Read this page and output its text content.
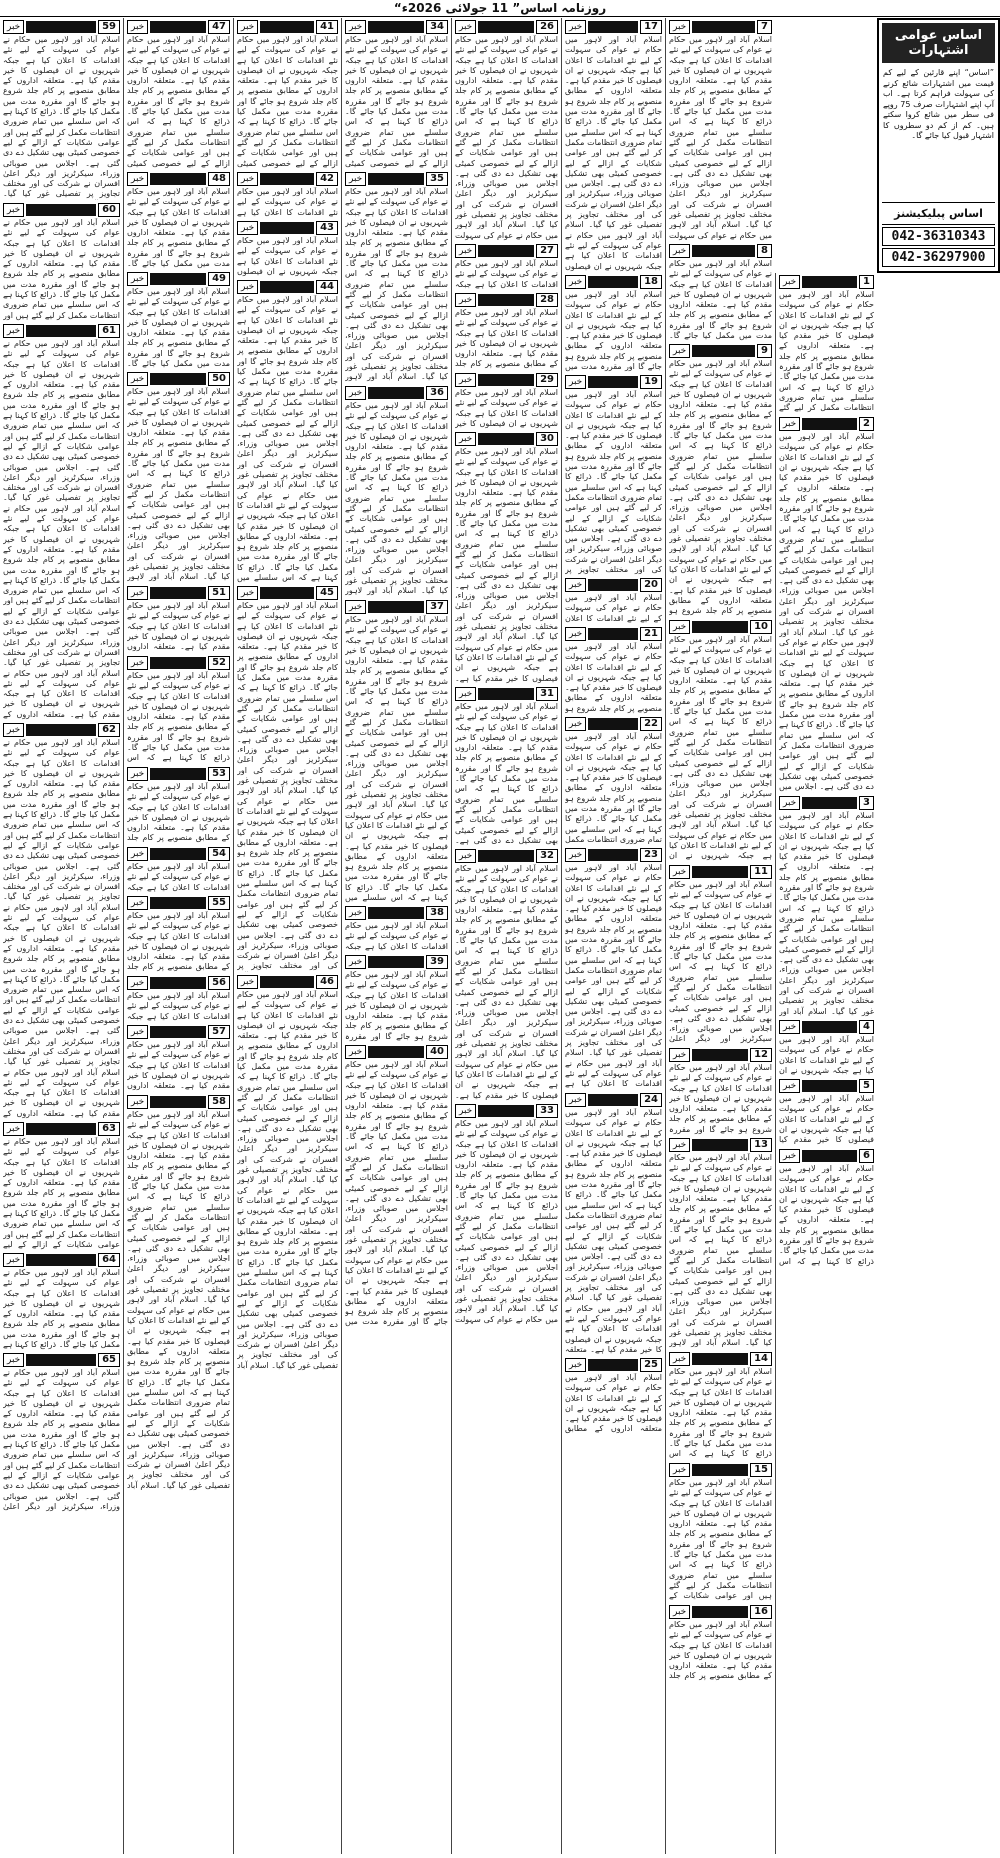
“روزنامہ اساس” 11 جولائی 2026ء
اساس عوامی اشتہارات
”اساس“ اپنے قارئین کے لیے کم قیمت میں اشتہارات شائع کرنے کی سہولت فراہم کرتا ہے۔ اب آپ اپنے اشتہارات صرف 75 روپے فی سطر میں شائع کروا سکتے ہیں۔ کم از کم دو سطروں کا اشتہار قبول کیا جائے گا۔
اساس پبلیکیشنز
042-36310343
042-36297900
خبر	59
اسلام آباد اور لاہور میں حکام نے عوام کی سہولت کے لیے نئے اقدامات کا اعلان کیا ہے جبکہ شہریوں نے ان فیصلوں کا خیر مقدم کیا ہے۔ متعلقہ اداروں کے مطابق منصوبے پر کام جلد شروع ہو جائے گا اور مقررہ مدت میں مکمل کیا جائے گا۔ ذرائع کا کہنا ہے کہ اس سلسلے میں تمام ضروری انتظامات مکمل کر لیے گئے ہیں اور عوامی شکایات کے ازالے کے لیے خصوصی کمیٹی بھی تشکیل دے دی گئی ہے۔ اجلاس میں صوبائی وزراء، سیکرٹریز اور دیگر اعلیٰ افسران نے شرکت کی اور مختلف تجاویز پر تفصیلی غور کیا گیا۔
خبر	60
اسلام آباد اور لاہور میں حکام نے عوام کی سہولت کے لیے نئے اقدامات کا اعلان کیا ہے جبکہ شہریوں نے ان فیصلوں کا خیر مقدم کیا ہے۔ متعلقہ اداروں کے مطابق منصوبے پر کام جلد شروع ہو جائے گا اور مقررہ مدت میں مکمل کیا جائے گا۔ ذرائع کا کہنا ہے کہ اس سلسلے میں تمام ضروری انتظامات مکمل کر لیے گئے ہیں اور
خبر	61
اسلام آباد اور لاہور میں حکام نے عوام کی سہولت کے لیے نئے اقدامات کا اعلان کیا ہے جبکہ شہریوں نے ان فیصلوں کا خیر مقدم کیا ہے۔ متعلقہ اداروں کے مطابق منصوبے پر کام جلد شروع ہو جائے گا اور مقررہ مدت میں مکمل کیا جائے گا۔ ذرائع کا کہنا ہے کہ اس سلسلے میں تمام ضروری انتظامات مکمل کر لیے گئے ہیں اور عوامی شکایات کے ازالے کے لیے خصوصی کمیٹی بھی تشکیل دے دی گئی ہے۔ اجلاس میں صوبائی وزراء، سیکرٹریز اور دیگر اعلیٰ افسران نے شرکت کی اور مختلف تجاویز پر تفصیلی غور کیا گیا۔ اسلام آباد اور لاہور میں حکام نے عوام کی سہولت کے لیے نئے اقدامات کا اعلان کیا ہے جبکہ شہریوں نے ان فیصلوں کا خیر مقدم کیا ہے۔ متعلقہ اداروں کے مطابق منصوبے پر کام جلد شروع ہو جائے گا اور مقررہ مدت میں مکمل کیا جائے گا۔ ذرائع کا کہنا ہے کہ اس سلسلے میں تمام ضروری انتظامات مکمل کر لیے گئے ہیں اور عوامی شکایات کے ازالے کے لیے خصوصی کمیٹی بھی تشکیل دے دی گئی ہے۔ اجلاس میں صوبائی وزراء، سیکرٹریز اور دیگر اعلیٰ افسران نے شرکت کی اور مختلف تجاویز پر تفصیلی غور کیا گیا۔ اسلام آباد اور لاہور میں حکام نے عوام کی سہولت کے لیے نئے اقدامات کا اعلان کیا ہے جبکہ شہریوں نے ان فیصلوں کا خیر مقدم کیا ہے۔ متعلقہ اداروں کے
خبر	62
اسلام آباد اور لاہور میں حکام نے عوام کی سہولت کے لیے نئے اقدامات کا اعلان کیا ہے جبکہ شہریوں نے ان فیصلوں کا خیر مقدم کیا ہے۔ متعلقہ اداروں کے مطابق منصوبے پر کام جلد شروع ہو جائے گا اور مقررہ مدت میں مکمل کیا جائے گا۔ ذرائع کا کہنا ہے کہ اس سلسلے میں تمام ضروری انتظامات مکمل کر لیے گئے ہیں اور عوامی شکایات کے ازالے کے لیے خصوصی کمیٹی بھی تشکیل دے دی گئی ہے۔ اجلاس میں صوبائی وزراء، سیکرٹریز اور دیگر اعلیٰ افسران نے شرکت کی اور مختلف تجاویز پر تفصیلی غور کیا گیا۔ اسلام آباد اور لاہور میں حکام نے عوام کی سہولت کے لیے نئے اقدامات کا اعلان کیا ہے جبکہ شہریوں نے ان فیصلوں کا خیر مقدم کیا ہے۔ متعلقہ اداروں کے مطابق منصوبے پر کام جلد شروع ہو جائے گا اور مقررہ مدت میں مکمل کیا جائے گا۔ ذرائع کا کہنا ہے کہ اس سلسلے میں تمام ضروری انتظامات مکمل کر لیے گئے ہیں اور عوامی شکایات کے ازالے کے لیے خصوصی کمیٹی بھی تشکیل دے دی گئی ہے۔ اجلاس میں صوبائی وزراء، سیکرٹریز اور دیگر اعلیٰ افسران نے شرکت کی اور مختلف تجاویز پر تفصیلی غور کیا گیا۔ اسلام آباد اور لاہور میں حکام نے عوام کی سہولت کے لیے نئے اقدامات کا اعلان کیا ہے جبکہ شہریوں نے ان فیصلوں کا خیر مقدم کیا ہے۔ متعلقہ اداروں کے
خبر	63
اسلام آباد اور لاہور میں حکام نے عوام کی سہولت کے لیے نئے اقدامات کا اعلان کیا ہے جبکہ شہریوں نے ان فیصلوں کا خیر مقدم کیا ہے۔ متعلقہ اداروں کے مطابق منصوبے پر کام جلد شروع ہو جائے گا اور مقررہ مدت میں مکمل کیا جائے گا۔ ذرائع کا کہنا ہے کہ اس سلسلے میں تمام ضروری انتظامات مکمل کر لیے گئے ہیں اور عوامی شکایات کے ازالے کے لیے
خبر	64
اسلام آباد اور لاہور میں حکام نے عوام کی سہولت کے لیے نئے اقدامات کا اعلان کیا ہے جبکہ شہریوں نے ان فیصلوں کا خیر مقدم کیا ہے۔ متعلقہ اداروں کے مطابق منصوبے پر کام جلد شروع ہو جائے گا اور مقررہ مدت میں مکمل کیا جائے گا۔ ذرائع کا کہنا ہے
خبر	65
اسلام آباد اور لاہور میں حکام نے عوام کی سہولت کے لیے نئے اقدامات کا اعلان کیا ہے جبکہ شہریوں نے ان فیصلوں کا خیر مقدم کیا ہے۔ متعلقہ اداروں کے مطابق منصوبے پر کام جلد شروع ہو جائے گا اور مقررہ مدت میں مکمل کیا جائے گا۔ ذرائع کا کہنا ہے کہ اس سلسلے میں تمام ضروری انتظامات مکمل کر لیے گئے ہیں اور عوامی شکایات کے ازالے کے لیے خصوصی کمیٹی بھی تشکیل دے دی گئی ہے۔ اجلاس میں صوبائی وزراء، سیکرٹریز اور دیگر اعلیٰ
خبر	47
اسلام آباد اور لاہور میں حکام نے عوام کی سہولت کے لیے نئے اقدامات کا اعلان کیا ہے جبکہ شہریوں نے ان فیصلوں کا خیر مقدم کیا ہے۔ متعلقہ اداروں کے مطابق منصوبے پر کام جلد شروع ہو جائے گا اور مقررہ مدت میں مکمل کیا جائے گا۔ ذرائع کا کہنا ہے کہ اس سلسلے میں تمام ضروری انتظامات مکمل کر لیے گئے ہیں اور عوامی شکایات کے ازالے کے لیے خصوصی کمیٹی
خبر	48
اسلام آباد اور لاہور میں حکام نے عوام کی سہولت کے لیے نئے اقدامات کا اعلان کیا ہے جبکہ شہریوں نے ان فیصلوں کا خیر مقدم کیا ہے۔ متعلقہ اداروں کے مطابق منصوبے پر کام جلد شروع ہو جائے گا اور مقررہ مدت میں مکمل کیا جائے گا۔
خبر	49
اسلام آباد اور لاہور میں حکام نے عوام کی سہولت کے لیے نئے اقدامات کا اعلان کیا ہے جبکہ شہریوں نے ان فیصلوں کا خیر مقدم کیا ہے۔ متعلقہ اداروں کے مطابق منصوبے پر کام جلد شروع ہو جائے گا اور مقررہ مدت میں مکمل کیا جائے گا۔
خبر	50
اسلام آباد اور لاہور میں حکام نے عوام کی سہولت کے لیے نئے اقدامات کا اعلان کیا ہے جبکہ شہریوں نے ان فیصلوں کا خیر مقدم کیا ہے۔ متعلقہ اداروں کے مطابق منصوبے پر کام جلد شروع ہو جائے گا اور مقررہ مدت میں مکمل کیا جائے گا۔ ذرائع کا کہنا ہے کہ اس سلسلے میں تمام ضروری انتظامات مکمل کر لیے گئے ہیں اور عوامی شکایات کے ازالے کے لیے خصوصی کمیٹی بھی تشکیل دے دی گئی ہے۔ اجلاس میں صوبائی وزراء، سیکرٹریز اور دیگر اعلیٰ افسران نے شرکت کی اور مختلف تجاویز پر تفصیلی غور کیا گیا۔ اسلام آباد اور لاہور
خبر	51
اسلام آباد اور لاہور میں حکام نے عوام کی سہولت کے لیے نئے اقدامات کا اعلان کیا ہے جبکہ شہریوں نے ان فیصلوں کا خیر مقدم کیا ہے۔ متعلقہ اداروں
خبر	52
اسلام آباد اور لاہور میں حکام نے عوام کی سہولت کے لیے نئے اقدامات کا اعلان کیا ہے جبکہ شہریوں نے ان فیصلوں کا خیر مقدم کیا ہے۔ متعلقہ اداروں کے مطابق منصوبے پر کام جلد شروع ہو جائے گا اور مقررہ مدت میں مکمل کیا جائے گا۔ ذرائع کا کہنا ہے کہ اس
خبر	53
اسلام آباد اور لاہور میں حکام نے عوام کی سہولت کے لیے نئے اقدامات کا اعلان کیا ہے جبکہ شہریوں نے ان فیصلوں کا خیر مقدم کیا ہے۔ متعلقہ اداروں کے مطابق منصوبے پر کام جلد
خبر	54
اسلام آباد اور لاہور میں حکام نے عوام کی سہولت کے لیے نئے اقدامات کا اعلان کیا ہے جبکہ
خبر	55
اسلام آباد اور لاہور میں حکام نے عوام کی سہولت کے لیے نئے اقدامات کا اعلان کیا ہے جبکہ شہریوں نے ان فیصلوں کا خیر مقدم کیا ہے۔ متعلقہ اداروں کے مطابق منصوبے پر کام جلد
خبر	56
اسلام آباد اور لاہور میں حکام نے عوام کی سہولت کے لیے نئے اقدامات کا اعلان کیا ہے جبکہ
خبر	57
اسلام آباد اور لاہور میں حکام نے عوام کی سہولت کے لیے نئے اقدامات کا اعلان کیا ہے جبکہ شہریوں نے ان فیصلوں کا خیر مقدم کیا ہے۔ متعلقہ اداروں
خبر	58
اسلام آباد اور لاہور میں حکام نے عوام کی سہولت کے لیے نئے اقدامات کا اعلان کیا ہے جبکہ شہریوں نے ان فیصلوں کا خیر مقدم کیا ہے۔ متعلقہ اداروں کے مطابق منصوبے پر کام جلد شروع ہو جائے گا اور مقررہ مدت میں مکمل کیا جائے گا۔ ذرائع کا کہنا ہے کہ اس سلسلے میں تمام ضروری انتظامات مکمل کر لیے گئے ہیں اور عوامی شکایات کے ازالے کے لیے خصوصی کمیٹی بھی تشکیل دے دی گئی ہے۔ اجلاس میں صوبائی وزراء، سیکرٹریز اور دیگر اعلیٰ افسران نے شرکت کی اور مختلف تجاویز پر تفصیلی غور کیا گیا۔ اسلام آباد اور لاہور میں حکام نے عوام کی سہولت کے لیے نئے اقدامات کا اعلان کیا ہے جبکہ شہریوں نے ان فیصلوں کا خیر مقدم کیا ہے۔ متعلقہ اداروں کے مطابق منصوبے پر کام جلد شروع ہو جائے گا اور مقررہ مدت میں مکمل کیا جائے گا۔ ذرائع کا کہنا ہے کہ اس سلسلے میں تمام ضروری انتظامات مکمل کر لیے گئے ہیں اور عوامی شکایات کے ازالے کے لیے خصوصی کمیٹی بھی تشکیل دے دی گئی ہے۔ اجلاس میں صوبائی وزراء، سیکرٹریز اور دیگر اعلیٰ افسران نے شرکت کی اور مختلف تجاویز پر تفصیلی غور کیا گیا۔ اسلام آباد
خبر	41
اسلام آباد اور لاہور میں حکام نے عوام کی سہولت کے لیے نئے اقدامات کا اعلان کیا ہے جبکہ شہریوں نے ان فیصلوں کا خیر مقدم کیا ہے۔ متعلقہ اداروں کے مطابق منصوبے پر کام جلد شروع ہو جائے گا اور مقررہ مدت میں مکمل کیا جائے گا۔ ذرائع کا کہنا ہے کہ اس سلسلے میں تمام ضروری انتظامات مکمل کر لیے گئے ہیں اور عوامی شکایات کے ازالے کے لیے خصوصی کمیٹی
خبر	42
اسلام آباد اور لاہور میں حکام نے عوام کی سہولت کے لیے نئے اقدامات کا اعلان کیا ہے
خبر	43
اسلام آباد اور لاہور میں حکام نے عوام کی سہولت کے لیے نئے اقدامات کا اعلان کیا ہے جبکہ شہریوں نے ان فیصلوں
خبر	44
اسلام آباد اور لاہور میں حکام نے عوام کی سہولت کے لیے نئے اقدامات کا اعلان کیا ہے جبکہ شہریوں نے ان فیصلوں کا خیر مقدم کیا ہے۔ متعلقہ اداروں کے مطابق منصوبے پر کام جلد شروع ہو جائے گا اور مقررہ مدت میں مکمل کیا جائے گا۔ ذرائع کا کہنا ہے کہ اس سلسلے میں تمام ضروری انتظامات مکمل کر لیے گئے ہیں اور عوامی شکایات کے ازالے کے لیے خصوصی کمیٹی بھی تشکیل دے دی گئی ہے۔ اجلاس میں صوبائی وزراء، سیکرٹریز اور دیگر اعلیٰ افسران نے شرکت کی اور مختلف تجاویز پر تفصیلی غور کیا گیا۔ اسلام آباد اور لاہور میں حکام نے عوام کی سہولت کے لیے نئے اقدامات کا اعلان کیا ہے جبکہ شہریوں نے ان فیصلوں کا خیر مقدم کیا ہے۔ متعلقہ اداروں کے مطابق منصوبے پر کام جلد شروع ہو جائے گا اور مقررہ مدت میں مکمل کیا جائے گا۔ ذرائع کا کہنا ہے کہ اس سلسلے میں
خبر	45
اسلام آباد اور لاہور میں حکام نے عوام کی سہولت کے لیے نئے اقدامات کا اعلان کیا ہے جبکہ شہریوں نے ان فیصلوں کا خیر مقدم کیا ہے۔ متعلقہ اداروں کے مطابق منصوبے پر کام جلد شروع ہو جائے گا اور مقررہ مدت میں مکمل کیا جائے گا۔ ذرائع کا کہنا ہے کہ اس سلسلے میں تمام ضروری انتظامات مکمل کر لیے گئے ہیں اور عوامی شکایات کے ازالے کے لیے خصوصی کمیٹی بھی تشکیل دے دی گئی ہے۔ اجلاس میں صوبائی وزراء، سیکرٹریز اور دیگر اعلیٰ افسران نے شرکت کی اور مختلف تجاویز پر تفصیلی غور کیا گیا۔ اسلام آباد اور لاہور میں حکام نے عوام کی سہولت کے لیے نئے اقدامات کا اعلان کیا ہے جبکہ شہریوں نے ان فیصلوں کا خیر مقدم کیا ہے۔ متعلقہ اداروں کے مطابق منصوبے پر کام جلد شروع ہو جائے گا اور مقررہ مدت میں مکمل کیا جائے گا۔ ذرائع کا کہنا ہے کہ اس سلسلے میں تمام ضروری انتظامات مکمل کر لیے گئے ہیں اور عوامی شکایات کے ازالے کے لیے خصوصی کمیٹی بھی تشکیل دے دی گئی ہے۔ اجلاس میں صوبائی وزراء، سیکرٹریز اور دیگر اعلیٰ افسران نے شرکت کی اور مختلف تجاویز پر
خبر	46
اسلام آباد اور لاہور میں حکام نے عوام کی سہولت کے لیے نئے اقدامات کا اعلان کیا ہے جبکہ شہریوں نے ان فیصلوں کا خیر مقدم کیا ہے۔ متعلقہ اداروں کے مطابق منصوبے پر کام جلد شروع ہو جائے گا اور مقررہ مدت میں مکمل کیا جائے گا۔ ذرائع کا کہنا ہے کہ اس سلسلے میں تمام ضروری انتظامات مکمل کر لیے گئے ہیں اور عوامی شکایات کے ازالے کے لیے خصوصی کمیٹی بھی تشکیل دے دی گئی ہے۔ اجلاس میں صوبائی وزراء، سیکرٹریز اور دیگر اعلیٰ افسران نے شرکت کی اور مختلف تجاویز پر تفصیلی غور کیا گیا۔ اسلام آباد اور لاہور میں حکام نے عوام کی سہولت کے لیے نئے اقدامات کا اعلان کیا ہے جبکہ شہریوں نے ان فیصلوں کا خیر مقدم کیا ہے۔ متعلقہ اداروں کے مطابق منصوبے پر کام جلد شروع ہو جائے گا اور مقررہ مدت میں مکمل کیا جائے گا۔ ذرائع کا کہنا ہے کہ اس سلسلے میں تمام ضروری انتظامات مکمل کر لیے گئے ہیں اور عوامی شکایات کے ازالے کے لیے خصوصی کمیٹی بھی تشکیل دے دی گئی ہے۔ اجلاس میں صوبائی وزراء، سیکرٹریز اور دیگر اعلیٰ افسران نے شرکت کی اور مختلف تجاویز پر تفصیلی غور کیا گیا۔ اسلام آباد
خبر	34
اسلام آباد اور لاہور میں حکام نے عوام کی سہولت کے لیے نئے اقدامات کا اعلان کیا ہے جبکہ شہریوں نے ان فیصلوں کا خیر مقدم کیا ہے۔ متعلقہ اداروں کے مطابق منصوبے پر کام جلد شروع ہو جائے گا اور مقررہ مدت میں مکمل کیا جائے گا۔ ذرائع کا کہنا ہے کہ اس سلسلے میں تمام ضروری انتظامات مکمل کر لیے گئے ہیں اور عوامی شکایات کے ازالے کے لیے خصوصی کمیٹی
خبر	35
اسلام آباد اور لاہور میں حکام نے عوام کی سہولت کے لیے نئے اقدامات کا اعلان کیا ہے جبکہ شہریوں نے ان فیصلوں کا خیر مقدم کیا ہے۔ متعلقہ اداروں کے مطابق منصوبے پر کام جلد شروع ہو جائے گا اور مقررہ مدت میں مکمل کیا جائے گا۔ ذرائع کا کہنا ہے کہ اس سلسلے میں تمام ضروری انتظامات مکمل کر لیے گئے ہیں اور عوامی شکایات کے ازالے کے لیے خصوصی کمیٹی بھی تشکیل دے دی گئی ہے۔ اجلاس میں صوبائی وزراء، سیکرٹریز اور دیگر اعلیٰ افسران نے شرکت کی اور مختلف تجاویز پر تفصیلی غور کیا گیا۔ اسلام آباد اور لاہور
خبر	36
اسلام آباد اور لاہور میں حکام نے عوام کی سہولت کے لیے نئے اقدامات کا اعلان کیا ہے جبکہ شہریوں نے ان فیصلوں کا خیر مقدم کیا ہے۔ متعلقہ اداروں کے مطابق منصوبے پر کام جلد شروع ہو جائے گا اور مقررہ مدت میں مکمل کیا جائے گا۔ ذرائع کا کہنا ہے کہ اس سلسلے میں تمام ضروری انتظامات مکمل کر لیے گئے ہیں اور عوامی شکایات کے ازالے کے لیے خصوصی کمیٹی بھی تشکیل دے دی گئی ہے۔ اجلاس میں صوبائی وزراء، سیکرٹریز اور دیگر اعلیٰ افسران نے شرکت کی اور مختلف تجاویز پر تفصیلی غور کیا گیا۔ اسلام آباد اور لاہور
خبر	37
اسلام آباد اور لاہور میں حکام نے عوام کی سہولت کے لیے نئے اقدامات کا اعلان کیا ہے جبکہ شہریوں نے ان فیصلوں کا خیر مقدم کیا ہے۔ متعلقہ اداروں کے مطابق منصوبے پر کام جلد شروع ہو جائے گا اور مقررہ مدت میں مکمل کیا جائے گا۔ ذرائع کا کہنا ہے کہ اس سلسلے میں تمام ضروری انتظامات مکمل کر لیے گئے ہیں اور عوامی شکایات کے ازالے کے لیے خصوصی کمیٹی بھی تشکیل دے دی گئی ہے۔ اجلاس میں صوبائی وزراء، سیکرٹریز اور دیگر اعلیٰ افسران نے شرکت کی اور مختلف تجاویز پر تفصیلی غور کیا گیا۔ اسلام آباد اور لاہور میں حکام نے عوام کی سہولت کے لیے نئے اقدامات کا اعلان کیا ہے جبکہ شہریوں نے ان فیصلوں کا خیر مقدم کیا ہے۔ متعلقہ اداروں کے مطابق منصوبے پر کام جلد شروع ہو جائے گا اور مقررہ مدت میں مکمل کیا جائے گا۔ ذرائع کا کہنا ہے کہ اس سلسلے میں
خبر	38
اسلام آباد اور لاہور میں حکام نے عوام کی سہولت کے لیے نئے اقدامات کا اعلان کیا ہے جبکہ
خبر	39
اسلام آباد اور لاہور میں حکام نے عوام کی سہولت کے لیے نئے اقدامات کا اعلان کیا ہے جبکہ شہریوں نے ان فیصلوں کا خیر مقدم کیا ہے۔ متعلقہ اداروں کے مطابق منصوبے پر کام جلد شروع ہو جائے گا اور مقررہ
خبر	40
اسلام آباد اور لاہور میں حکام نے عوام کی سہولت کے لیے نئے اقدامات کا اعلان کیا ہے جبکہ شہریوں نے ان فیصلوں کا خیر مقدم کیا ہے۔ متعلقہ اداروں کے مطابق منصوبے پر کام جلد شروع ہو جائے گا اور مقررہ مدت میں مکمل کیا جائے گا۔ ذرائع کا کہنا ہے کہ اس سلسلے میں تمام ضروری انتظامات مکمل کر لیے گئے ہیں اور عوامی شکایات کے ازالے کے لیے خصوصی کمیٹی بھی تشکیل دے دی گئی ہے۔ اجلاس میں صوبائی وزراء، سیکرٹریز اور دیگر اعلیٰ افسران نے شرکت کی اور مختلف تجاویز پر تفصیلی غور کیا گیا۔ اسلام آباد اور لاہور میں حکام نے عوام کی سہولت کے لیے نئے اقدامات کا اعلان کیا ہے جبکہ شہریوں نے ان فیصلوں کا خیر مقدم کیا ہے۔ متعلقہ اداروں کے مطابق منصوبے پر کام جلد شروع ہو جائے گا اور مقررہ مدت میں
خبر	26
اسلام آباد اور لاہور میں حکام نے عوام کی سہولت کے لیے نئے اقدامات کا اعلان کیا ہے جبکہ شہریوں نے ان فیصلوں کا خیر مقدم کیا ہے۔ متعلقہ اداروں کے مطابق منصوبے پر کام جلد شروع ہو جائے گا اور مقررہ مدت میں مکمل کیا جائے گا۔ ذرائع کا کہنا ہے کہ اس سلسلے میں تمام ضروری انتظامات مکمل کر لیے گئے ہیں اور عوامی شکایات کے ازالے کے لیے خصوصی کمیٹی بھی تشکیل دے دی گئی ہے۔ اجلاس میں صوبائی وزراء، سیکرٹریز اور دیگر اعلیٰ افسران نے شرکت کی اور مختلف تجاویز پر تفصیلی غور کیا گیا۔ اسلام آباد اور لاہور میں حکام نے عوام کی سہولت
خبر	27
اسلام آباد اور لاہور میں حکام نے عوام کی سہولت کے لیے نئے اقدامات کا اعلان کیا ہے جبکہ
خبر	28
اسلام آباد اور لاہور میں حکام نے عوام کی سہولت کے لیے نئے اقدامات کا اعلان کیا ہے جبکہ شہریوں نے ان فیصلوں کا خیر مقدم کیا ہے۔ متعلقہ اداروں کے مطابق منصوبے پر کام جلد
خبر	29
اسلام آباد اور لاہور میں حکام نے عوام کی سہولت کے لیے نئے اقدامات کا اعلان کیا ہے جبکہ شہریوں نے ان فیصلوں کا خیر
خبر	30
اسلام آباد اور لاہور میں حکام نے عوام کی سہولت کے لیے نئے اقدامات کا اعلان کیا ہے جبکہ شہریوں نے ان فیصلوں کا خیر مقدم کیا ہے۔ متعلقہ اداروں کے مطابق منصوبے پر کام جلد شروع ہو جائے گا اور مقررہ مدت میں مکمل کیا جائے گا۔ ذرائع کا کہنا ہے کہ اس سلسلے میں تمام ضروری انتظامات مکمل کر لیے گئے ہیں اور عوامی شکایات کے ازالے کے لیے خصوصی کمیٹی بھی تشکیل دے دی گئی ہے۔ اجلاس میں صوبائی وزراء، سیکرٹریز اور دیگر اعلیٰ افسران نے شرکت کی اور مختلف تجاویز پر تفصیلی غور کیا گیا۔ اسلام آباد اور لاہور میں حکام نے عوام کی سہولت کے لیے نئے اقدامات کا اعلان کیا ہے جبکہ شہریوں نے ان فیصلوں کا خیر مقدم کیا ہے۔
خبر	31
اسلام آباد اور لاہور میں حکام نے عوام کی سہولت کے لیے نئے اقدامات کا اعلان کیا ہے جبکہ شہریوں نے ان فیصلوں کا خیر مقدم کیا ہے۔ متعلقہ اداروں کے مطابق منصوبے پر کام جلد شروع ہو جائے گا اور مقررہ مدت میں مکمل کیا جائے گا۔ ذرائع کا کہنا ہے کہ اس سلسلے میں تمام ضروری انتظامات مکمل کر لیے گئے ہیں اور عوامی شکایات کے ازالے کے لیے خصوصی کمیٹی بھی تشکیل دے دی گئی ہے۔
خبر	32
اسلام آباد اور لاہور میں حکام نے عوام کی سہولت کے لیے نئے اقدامات کا اعلان کیا ہے جبکہ شہریوں نے ان فیصلوں کا خیر مقدم کیا ہے۔ متعلقہ اداروں کے مطابق منصوبے پر کام جلد شروع ہو جائے گا اور مقررہ مدت میں مکمل کیا جائے گا۔ ذرائع کا کہنا ہے کہ اس سلسلے میں تمام ضروری انتظامات مکمل کر لیے گئے ہیں اور عوامی شکایات کے ازالے کے لیے خصوصی کمیٹی بھی تشکیل دے دی گئی ہے۔ اجلاس میں صوبائی وزراء، سیکرٹریز اور دیگر اعلیٰ افسران نے شرکت کی اور مختلف تجاویز پر تفصیلی غور کیا گیا۔ اسلام آباد اور لاہور میں حکام نے عوام کی سہولت کے لیے نئے اقدامات کا اعلان کیا ہے جبکہ شہریوں نے ان فیصلوں کا خیر مقدم کیا ہے۔
خبر	33
اسلام آباد اور لاہور میں حکام نے عوام کی سہولت کے لیے نئے اقدامات کا اعلان کیا ہے جبکہ شہریوں نے ان فیصلوں کا خیر مقدم کیا ہے۔ متعلقہ اداروں کے مطابق منصوبے پر کام جلد شروع ہو جائے گا اور مقررہ مدت میں مکمل کیا جائے گا۔ ذرائع کا کہنا ہے کہ اس سلسلے میں تمام ضروری انتظامات مکمل کر لیے گئے ہیں اور عوامی شکایات کے ازالے کے لیے خصوصی کمیٹی بھی تشکیل دے دی گئی ہے۔ اجلاس میں صوبائی وزراء، سیکرٹریز اور دیگر اعلیٰ افسران نے شرکت کی اور مختلف تجاویز پر تفصیلی غور کیا گیا۔ اسلام آباد اور لاہور میں حکام نے عوام کی سہولت
خبر	17
اسلام آباد اور لاہور میں حکام نے عوام کی سہولت کے لیے نئے اقدامات کا اعلان کیا ہے جبکہ شہریوں نے ان فیصلوں کا خیر مقدم کیا ہے۔ متعلقہ اداروں کے مطابق منصوبے پر کام جلد شروع ہو جائے گا اور مقررہ مدت میں مکمل کیا جائے گا۔ ذرائع کا کہنا ہے کہ اس سلسلے میں تمام ضروری انتظامات مکمل کر لیے گئے ہیں اور عوامی شکایات کے ازالے کے لیے خصوصی کمیٹی بھی تشکیل دے دی گئی ہے۔ اجلاس میں صوبائی وزراء، سیکرٹریز اور دیگر اعلیٰ افسران نے شرکت کی اور مختلف تجاویز پر تفصیلی غور کیا گیا۔ اسلام آباد اور لاہور میں حکام نے عوام کی سہولت کے لیے نئے اقدامات کا اعلان کیا ہے جبکہ شہریوں نے ان فیصلوں
خبر	18
اسلام آباد اور لاہور میں حکام نے عوام کی سہولت کے لیے نئے اقدامات کا اعلان کیا ہے جبکہ شہریوں نے ان فیصلوں کا خیر مقدم کیا ہے۔ متعلقہ اداروں کے مطابق منصوبے پر کام جلد شروع ہو جائے گا اور مقررہ مدت میں
خبر	19
اسلام آباد اور لاہور میں حکام نے عوام کی سہولت کے لیے نئے اقدامات کا اعلان کیا ہے جبکہ شہریوں نے ان فیصلوں کا خیر مقدم کیا ہے۔ متعلقہ اداروں کے مطابق منصوبے پر کام جلد شروع ہو جائے گا اور مقررہ مدت میں مکمل کیا جائے گا۔ ذرائع کا کہنا ہے کہ اس سلسلے میں تمام ضروری انتظامات مکمل کر لیے گئے ہیں اور عوامی شکایات کے ازالے کے لیے خصوصی کمیٹی بھی تشکیل دے دی گئی ہے۔ اجلاس میں صوبائی وزراء، سیکرٹریز اور دیگر اعلیٰ افسران نے شرکت کی اور مختلف تجاویز پر
خبر	20
اسلام آباد اور لاہور میں حکام نے عوام کی سہولت کے لیے نئے اقدامات کا اعلان
خبر	21
اسلام آباد اور لاہور میں حکام نے عوام کی سہولت کے لیے نئے اقدامات کا اعلان کیا ہے جبکہ شہریوں نے ان فیصلوں کا خیر مقدم کیا ہے۔ متعلقہ اداروں کے مطابق منصوبے پر کام جلد شروع ہو
خبر	22
اسلام آباد اور لاہور میں حکام نے عوام کی سہولت کے لیے نئے اقدامات کا اعلان کیا ہے جبکہ شہریوں نے ان فیصلوں کا خیر مقدم کیا ہے۔ متعلقہ اداروں کے مطابق منصوبے پر کام جلد شروع ہو جائے گا اور مقررہ مدت میں مکمل کیا جائے گا۔ ذرائع کا کہنا ہے کہ اس سلسلے میں تمام ضروری انتظامات مکمل
خبر	23
اسلام آباد اور لاہور میں حکام نے عوام کی سہولت کے لیے نئے اقدامات کا اعلان کیا ہے جبکہ شہریوں نے ان فیصلوں کا خیر مقدم کیا ہے۔ متعلقہ اداروں کے مطابق منصوبے پر کام جلد شروع ہو جائے گا اور مقررہ مدت میں مکمل کیا جائے گا۔ ذرائع کا کہنا ہے کہ اس سلسلے میں تمام ضروری انتظامات مکمل کر لیے گئے ہیں اور عوامی شکایات کے ازالے کے لیے خصوصی کمیٹی بھی تشکیل دے دی گئی ہے۔ اجلاس میں صوبائی وزراء، سیکرٹریز اور دیگر اعلیٰ افسران نے شرکت کی اور مختلف تجاویز پر تفصیلی غور کیا گیا۔ اسلام آباد اور لاہور میں حکام نے عوام کی سہولت کے لیے نئے اقدامات کا اعلان کیا ہے
خبر	24
اسلام آباد اور لاہور میں حکام نے عوام کی سہولت کے لیے نئے اقدامات کا اعلان کیا ہے جبکہ شہریوں نے ان فیصلوں کا خیر مقدم کیا ہے۔ متعلقہ اداروں کے مطابق منصوبے پر کام جلد شروع ہو جائے گا اور مقررہ مدت میں مکمل کیا جائے گا۔ ذرائع کا کہنا ہے کہ اس سلسلے میں تمام ضروری انتظامات مکمل کر لیے گئے ہیں اور عوامی شکایات کے ازالے کے لیے خصوصی کمیٹی بھی تشکیل دے دی گئی ہے۔ اجلاس میں صوبائی وزراء، سیکرٹریز اور دیگر اعلیٰ افسران نے شرکت کی اور مختلف تجاویز پر تفصیلی غور کیا گیا۔ اسلام آباد اور لاہور میں حکام نے عوام کی سہولت کے لیے نئے اقدامات کا اعلان کیا ہے جبکہ شہریوں نے ان فیصلوں کا خیر مقدم کیا ہے۔ متعلقہ
خبر	25
اسلام آباد اور لاہور میں حکام نے عوام کی سہولت کے لیے نئے اقدامات کا اعلان کیا ہے جبکہ شہریوں نے ان فیصلوں کا خیر مقدم کیا ہے۔ متعلقہ اداروں کے مطابق
خبر	7
اسلام آباد اور لاہور میں حکام نے عوام کی سہولت کے لیے نئے اقدامات کا اعلان کیا ہے جبکہ شہریوں نے ان فیصلوں کا خیر مقدم کیا ہے۔ متعلقہ اداروں کے مطابق منصوبے پر کام جلد شروع ہو جائے گا اور مقررہ مدت میں مکمل کیا جائے گا۔ ذرائع کا کہنا ہے کہ اس سلسلے میں تمام ضروری انتظامات مکمل کر لیے گئے ہیں اور عوامی شکایات کے ازالے کے لیے خصوصی کمیٹی بھی تشکیل دے دی گئی ہے۔ اجلاس میں صوبائی وزراء، سیکرٹریز اور دیگر اعلیٰ افسران نے شرکت کی اور مختلف تجاویز پر تفصیلی غور کیا گیا۔ اسلام آباد اور لاہور میں حکام نے عوام کی سہولت
خبر	8
اسلام آباد اور لاہور میں حکام نے عوام کی سہولت کے لیے نئے اقدامات کا اعلان کیا ہے جبکہ شہریوں نے ان فیصلوں کا خیر مقدم کیا ہے۔ متعلقہ اداروں کے مطابق منصوبے پر کام جلد شروع ہو جائے گا اور مقررہ مدت میں مکمل کیا جائے گا۔
خبر	9
اسلام آباد اور لاہور میں حکام نے عوام کی سہولت کے لیے نئے اقدامات کا اعلان کیا ہے جبکہ شہریوں نے ان فیصلوں کا خیر مقدم کیا ہے۔ متعلقہ اداروں کے مطابق منصوبے پر کام جلد شروع ہو جائے گا اور مقررہ مدت میں مکمل کیا جائے گا۔ ذرائع کا کہنا ہے کہ اس سلسلے میں تمام ضروری انتظامات مکمل کر لیے گئے ہیں اور عوامی شکایات کے ازالے کے لیے خصوصی کمیٹی بھی تشکیل دے دی گئی ہے۔ اجلاس میں صوبائی وزراء، سیکرٹریز اور دیگر اعلیٰ افسران نے شرکت کی اور مختلف تجاویز پر تفصیلی غور کیا گیا۔ اسلام آباد اور لاہور میں حکام نے عوام کی سہولت کے لیے نئے اقدامات کا اعلان کیا ہے جبکہ شہریوں نے ان فیصلوں کا خیر مقدم کیا ہے۔ متعلقہ اداروں کے مطابق منصوبے پر کام جلد شروع ہو
خبر	10
اسلام آباد اور لاہور میں حکام نے عوام کی سہولت کے لیے نئے اقدامات کا اعلان کیا ہے جبکہ شہریوں نے ان فیصلوں کا خیر مقدم کیا ہے۔ متعلقہ اداروں کے مطابق منصوبے پر کام جلد شروع ہو جائے گا اور مقررہ مدت میں مکمل کیا جائے گا۔ ذرائع کا کہنا ہے کہ اس سلسلے میں تمام ضروری انتظامات مکمل کر لیے گئے ہیں اور عوامی شکایات کے ازالے کے لیے خصوصی کمیٹی بھی تشکیل دے دی گئی ہے۔ اجلاس میں صوبائی وزراء، سیکرٹریز اور دیگر اعلیٰ افسران نے شرکت کی اور مختلف تجاویز پر تفصیلی غور کیا گیا۔ اسلام آباد اور لاہور میں حکام نے عوام کی سہولت کے لیے نئے اقدامات کا اعلان کیا ہے جبکہ شہریوں نے ان
خبر	11
اسلام آباد اور لاہور میں حکام نے عوام کی سہولت کے لیے نئے اقدامات کا اعلان کیا ہے جبکہ شہریوں نے ان فیصلوں کا خیر مقدم کیا ہے۔ متعلقہ اداروں کے مطابق منصوبے پر کام جلد شروع ہو جائے گا اور مقررہ مدت میں مکمل کیا جائے گا۔ ذرائع کا کہنا ہے کہ اس سلسلے میں تمام ضروری انتظامات مکمل کر لیے گئے ہیں اور عوامی شکایات کے ازالے کے لیے خصوصی کمیٹی بھی تشکیل دے دی گئی ہے۔ اجلاس میں صوبائی وزراء، سیکرٹریز اور دیگر اعلیٰ
خبر	12
اسلام آباد اور لاہور میں حکام نے عوام کی سہولت کے لیے نئے اقدامات کا اعلان کیا ہے جبکہ شہریوں نے ان فیصلوں کا خیر مقدم کیا ہے۔ متعلقہ اداروں کے مطابق منصوبے پر کام جلد شروع ہو جائے گا اور مقررہ
خبر	13
اسلام آباد اور لاہور میں حکام نے عوام کی سہولت کے لیے نئے اقدامات کا اعلان کیا ہے جبکہ شہریوں نے ان فیصلوں کا خیر مقدم کیا ہے۔ متعلقہ اداروں کے مطابق منصوبے پر کام جلد شروع ہو جائے گا اور مقررہ مدت میں مکمل کیا جائے گا۔ ذرائع کا کہنا ہے کہ اس سلسلے میں تمام ضروری انتظامات مکمل کر لیے گئے ہیں اور عوامی شکایات کے ازالے کے لیے خصوصی کمیٹی بھی تشکیل دے دی گئی ہے۔ اجلاس میں صوبائی وزراء، سیکرٹریز اور دیگر اعلیٰ افسران نے شرکت کی اور مختلف تجاویز پر تفصیلی غور کیا گیا۔ اسلام آباد اور لاہور
خبر	14
اسلام آباد اور لاہور میں حکام نے عوام کی سہولت کے لیے نئے اقدامات کا اعلان کیا ہے جبکہ شہریوں نے ان فیصلوں کا خیر مقدم کیا ہے۔ متعلقہ اداروں کے مطابق منصوبے پر کام جلد شروع ہو جائے گا اور مقررہ مدت میں مکمل کیا جائے گا۔ ذرائع کا کہنا ہے کہ اس
خبر	15
اسلام آباد اور لاہور میں حکام نے عوام کی سہولت کے لیے نئے اقدامات کا اعلان کیا ہے جبکہ شہریوں نے ان فیصلوں کا خیر مقدم کیا ہے۔ متعلقہ اداروں کے مطابق منصوبے پر کام جلد شروع ہو جائے گا اور مقررہ مدت میں مکمل کیا جائے گا۔ ذرائع کا کہنا ہے کہ اس سلسلے میں تمام ضروری انتظامات مکمل کر لیے گئے ہیں اور عوامی شکایات کے
خبر	16
اسلام آباد اور لاہور میں حکام نے عوام کی سہولت کے لیے نئے اقدامات کا اعلان کیا ہے جبکہ شہریوں نے ان فیصلوں کا خیر مقدم کیا ہے۔ متعلقہ اداروں کے مطابق منصوبے پر کام جلد
خبر	1
اسلام آباد اور لاہور میں حکام نے عوام کی سہولت کے لیے نئے اقدامات کا اعلان کیا ہے جبکہ شہریوں نے ان فیصلوں کا خیر مقدم کیا ہے۔ متعلقہ اداروں کے مطابق منصوبے پر کام جلد شروع ہو جائے گا اور مقررہ مدت میں مکمل کیا جائے گا۔ ذرائع کا کہنا ہے کہ اس سلسلے میں تمام ضروری انتظامات مکمل کر لیے گئے
خبر	2
اسلام آباد اور لاہور میں حکام نے عوام کی سہولت کے لیے نئے اقدامات کا اعلان کیا ہے جبکہ شہریوں نے ان فیصلوں کا خیر مقدم کیا ہے۔ متعلقہ اداروں کے مطابق منصوبے پر کام جلد شروع ہو جائے گا اور مقررہ مدت میں مکمل کیا جائے گا۔ ذرائع کا کہنا ہے کہ اس سلسلے میں تمام ضروری انتظامات مکمل کر لیے گئے ہیں اور عوامی شکایات کے ازالے کے لیے خصوصی کمیٹی بھی تشکیل دے دی گئی ہے۔ اجلاس میں صوبائی وزراء، سیکرٹریز اور دیگر اعلیٰ افسران نے شرکت کی اور مختلف تجاویز پر تفصیلی غور کیا گیا۔ اسلام آباد اور لاہور میں حکام نے عوام کی سہولت کے لیے نئے اقدامات کا اعلان کیا ہے جبکہ شہریوں نے ان فیصلوں کا خیر مقدم کیا ہے۔ متعلقہ اداروں کے مطابق منصوبے پر کام جلد شروع ہو جائے گا اور مقررہ مدت میں مکمل کیا جائے گا۔ ذرائع کا کہنا ہے کہ اس سلسلے میں تمام ضروری انتظامات مکمل کر لیے گئے ہیں اور عوامی شکایات کے ازالے کے لیے خصوصی کمیٹی بھی تشکیل دے دی گئی ہے۔ اجلاس میں
خبر	3
اسلام آباد اور لاہور میں حکام نے عوام کی سہولت کے لیے نئے اقدامات کا اعلان کیا ہے جبکہ شہریوں نے ان فیصلوں کا خیر مقدم کیا ہے۔ متعلقہ اداروں کے مطابق منصوبے پر کام جلد شروع ہو جائے گا اور مقررہ مدت میں مکمل کیا جائے گا۔ ذرائع کا کہنا ہے کہ اس سلسلے میں تمام ضروری انتظامات مکمل کر لیے گئے ہیں اور عوامی شکایات کے ازالے کے لیے خصوصی کمیٹی بھی تشکیل دے دی گئی ہے۔ اجلاس میں صوبائی وزراء، سیکرٹریز اور دیگر اعلیٰ افسران نے شرکت کی اور مختلف تجاویز پر تفصیلی غور کیا گیا۔ اسلام آباد اور
خبر	4
اسلام آباد اور لاہور میں حکام نے عوام کی سہولت کے لیے نئے اقدامات کا اعلان کیا ہے جبکہ شہریوں نے ان
خبر	5
اسلام آباد اور لاہور میں حکام نے عوام کی سہولت کے لیے نئے اقدامات کا اعلان کیا ہے جبکہ شہریوں نے ان فیصلوں کا خیر مقدم کیا
خبر	6
اسلام آباد اور لاہور میں حکام نے عوام کی سہولت کے لیے نئے اقدامات کا اعلان کیا ہے جبکہ شہریوں نے ان فیصلوں کا خیر مقدم کیا ہے۔ متعلقہ اداروں کے مطابق منصوبے پر کام جلد شروع ہو جائے گا اور مقررہ مدت میں مکمل کیا جائے گا۔ ذرائع کا کہنا ہے کہ اس
